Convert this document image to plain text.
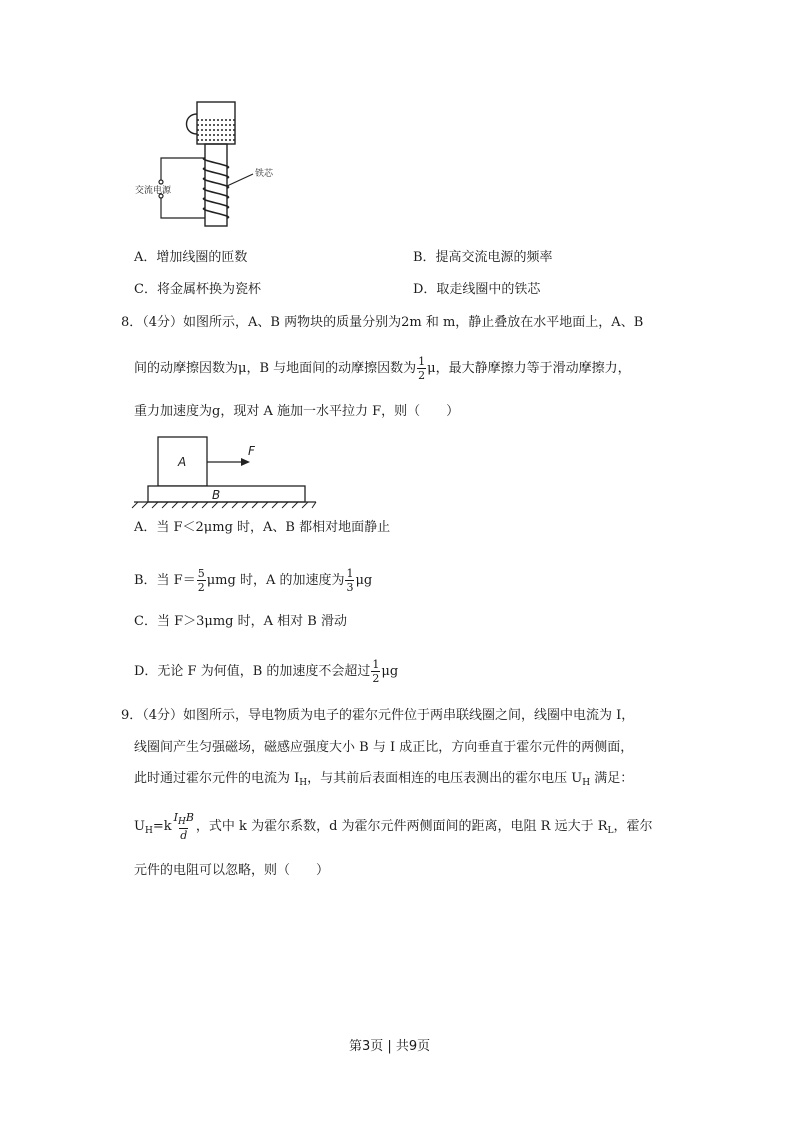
交流电源
铁芯
A．增加线圈的匝数	B．提高交流电源的频率
C．将金属杯换为瓷杯	D．取走线圈中的铁芯
8．（4分）如图所示，A、B 两物块的质量分别为2m 和 m，静止叠放在水平地面上，A、B
间的动摩擦因数为μ，B 与地面间的动摩擦因数为 $\frac{1}{2}$ μ，最大静摩擦力等于滑动摩擦力，
重力加速度为g，现对 A 施加一水平拉力 F，则（　　）
A
B
F
A．当 F＜2μmg 时，A、B 都相对地面静止
B．当 $F= \frac{5}{2}$ μmg 时，A 的加速度为 $\frac{1}{3}$ μg
C．当 F＞3μmg 时，A 相对 B 滑动
D．无论 F 为何值，B 的加速度不会超过 $\frac{1}{2}$ μg
9．（4分）如图所示，导电物质为电子的霍尔元件位于两串联线圈之间，线圈中电流为 I，
线圈间产生匀强磁场，磁感应强度大小 B 与 I 成正比，方向垂直于霍尔元件的两侧面，
此时通过霍尔元件的电流为 $I_H$，与其前后表面相连的电压表测出的霍尔电压 $U_H$ 满足：
$U_H=k \frac{I_HB}{d}$ ，式中 k 为霍尔系数，d 为霍尔元件两侧面间的距离，电阻 R 远大于 $R_L$，霍尔
元件的电阻可以忽略，则（　　）
第3页 | 共9页
